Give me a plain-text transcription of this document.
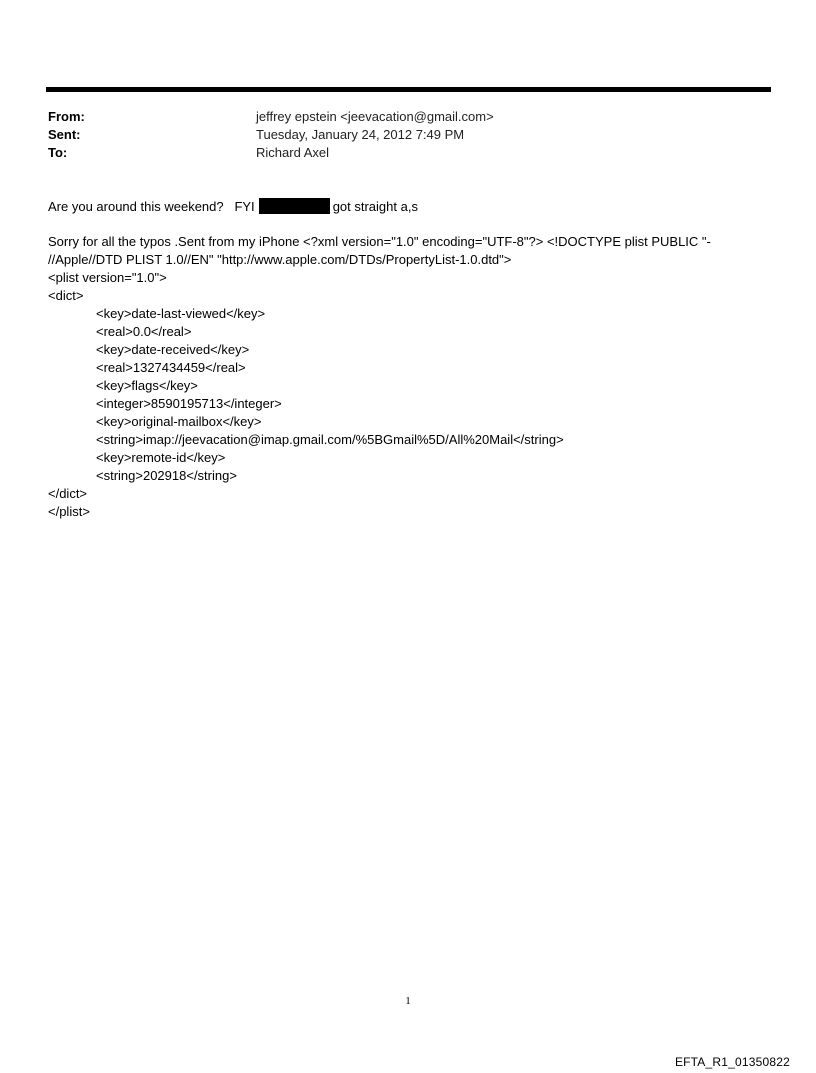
From:	jeffrey epstein <jeevacation@gmail.com>
Sent:	Tuesday, January 24, 2012 7:49 PM
To:	Richard Axel
Are you around this weekend?   FYI	got straight a,s
Sorry for all the typos .Sent from my iPhone <?xml version="1.0" encoding="UTF-8"?> <!DOCTYPE plist PUBLIC "-
//Apple//DTD PLIST 1.0//EN" "http://www.apple.com/DTDs/PropertyList-1.0.dtd">
<plist version="1.0">
<dict>
<key>date-last-viewed</key>
<real>0.0</real>
<key>date-received</key>
<real>1327434459</real>
<key>flags</key>
<integer>8590195713</integer>
<key>original-mailbox</key>
<string>imap://jeevacation@imap.gmail.com/%5BGmail%5D/All%20Mail</string>
<key>remote-id</key>
<string>202918</string>
</dict>
</plist>
1
EFTA_R1_01350822
